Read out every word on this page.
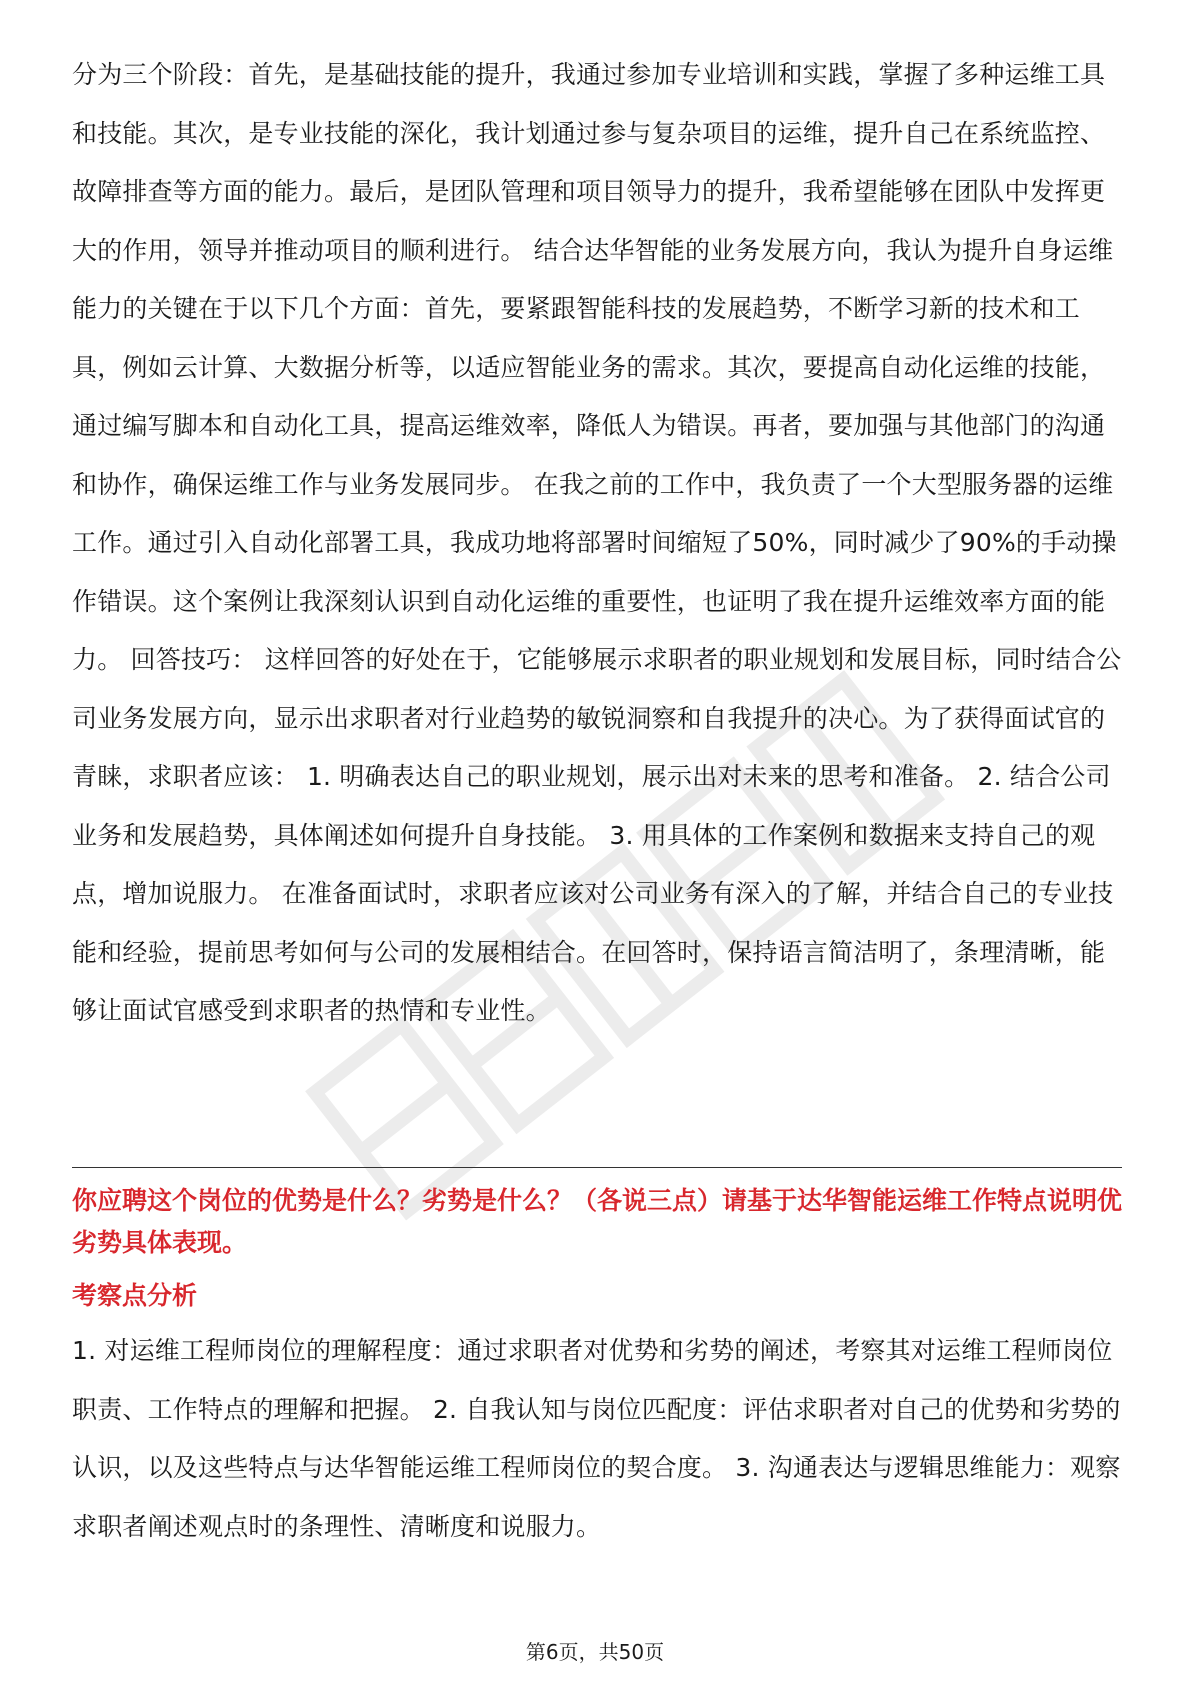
分为三个阶段：首先，是基础技能的提升，我通过参加专业培训和实践，掌握了多种运维工具和技能。其次，是专业技能的深化，我计划通过参与复杂项目的运维，提升自己在系统监控、故障排查等方面的能力。最后，是团队管理和项目领导力的提升，我希望能够在团队中发挥更大的作用，领导并推动项目的顺利进行。 结合达华智能的业务发展方向，我认为提升自身运维能力的关键在于以下几个方面：首先，要紧跟智能科技的发展趋势，不断学习新的技术和工具，例如云计算、大数据分析等，以适应智能业务的需求。其次，要提高自动化运维的技能，通过编写脚本和自动化工具，提高运维效率，降低人为错误。再者，要加强与其他部门的沟通和协作，确保运维工作与业务发展同步。 在我之前的工作中，我负责了一个大型服务器的运维工作。通过引入自动化部署工具，我成功地将部署时间缩短了50%，同时减少了90%的手动操作错误。这个案例让我深刻认识到自动化运维的重要性，也证明了我在提升运维效率方面的能力。 回答技巧： 这样回答的好处在于，它能够展示求职者的职业规划和发展目标，同时结合公司业务发展方向，显示出求职者对行业趋势的敏锐洞察和自我提升的决心。为了获得面试官的青睐，求职者应该： 1. 明确表达自己的职业规划，展示出对未来的思考和准备。 2. 结合公司业务和发展趋势，具体阐述如何提升自身技能。 3. 用具体的工作案例和数据来支持自己的观点，增加说服力。 在准备面试时，求职者应该对公司业务有深入的了解，并结合自己的专业技能和经验，提前思考如何与公司的发展相结合。在回答时，保持语言简洁明了，条理清晰，能够让面试官感受到求职者的热情和专业性。

你应聘这个岗位的优势是什么？劣势是什么？（各说三点）请基于达华智能运维工作特点说明优劣势具体表现。

考察点分析

1. 对运维工程师岗位的理解程度：通过求职者对优势和劣势的阐述，考察其对运维工程师岗位职责、工作特点的理解和把握。 2. 自我认知与岗位匹配度：评估求职者对自己的优势和劣势的认识，以及这些特点与达华智能运维工程师岗位的契合度。 3. 沟通表达与逻辑思维能力：观察求职者阐述观点时的条理性、清晰度和说服力。

第6页，共50页
